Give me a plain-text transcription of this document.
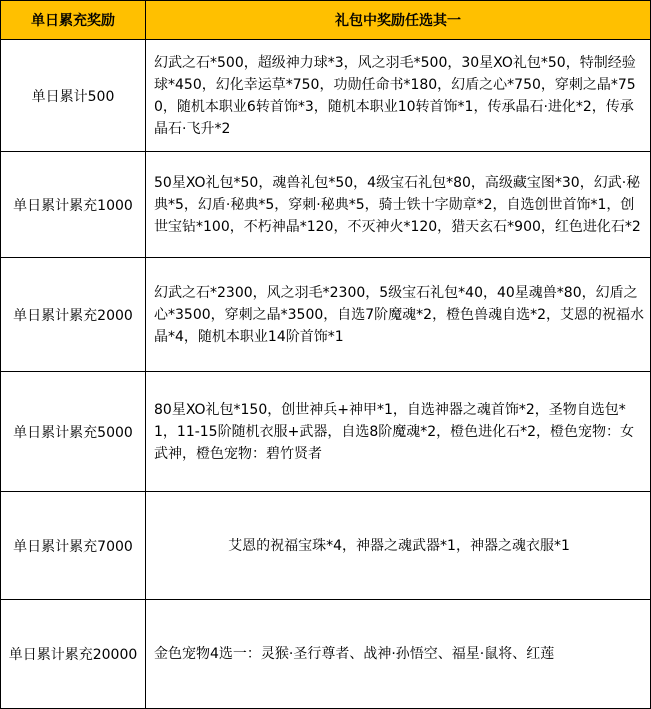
单日累充奖励	礼包中奖励任选其一
单日累计500	幻武之石*500，超级神力球*3，风之羽毛*500，30星XO礼包*50，特制经验球*450，幻化幸运草*750，功勋任命书*180，幻盾之心*750，穿刺之晶*750，随机本职业6转首饰*3，随机本职业10转首饰*1，传承晶石·进化*2，传承晶石·飞升*2
单日累计累充1000	50星XO礼包*50，魂兽礼包*50，4级宝石礼包*80，高级藏宝图*30，幻武·秘典*5，幻盾·秘典*5，穿刺·秘典*5，骑士铁十字勋章*2，自选创世首饰*1，创世宝钻*100，不朽神晶*120，不灭神火*120，猎天玄石*900，红色进化石*2
单日累计累充2000	幻武之石*2300，风之羽毛*2300，5级宝石礼包*40，40星魂兽*80，幻盾之心*3500，穿刺之晶*3500，自选7阶魔魂*2，橙色兽魂自选*2，艾恩的祝福水晶*4，随机本职业14阶首饰*1
单日累计累充5000	80星XO礼包*150，创世神兵+神甲*1，自选神器之魂首饰*2，圣物自选包*1，11-15阶随机衣服+武器，自选8阶魔魂*2，橙色进化石*2，橙色宠物：女武神，橙色宠物：碧竹贤者
单日累计累充7000	艾恩的祝福宝珠*4，神器之魂武器*1，神器之魂衣服*1
单日累计累充20000	金色宠物4选一：灵猴·圣行尊者、战神·孙悟空、福星·鼠将、红莲
